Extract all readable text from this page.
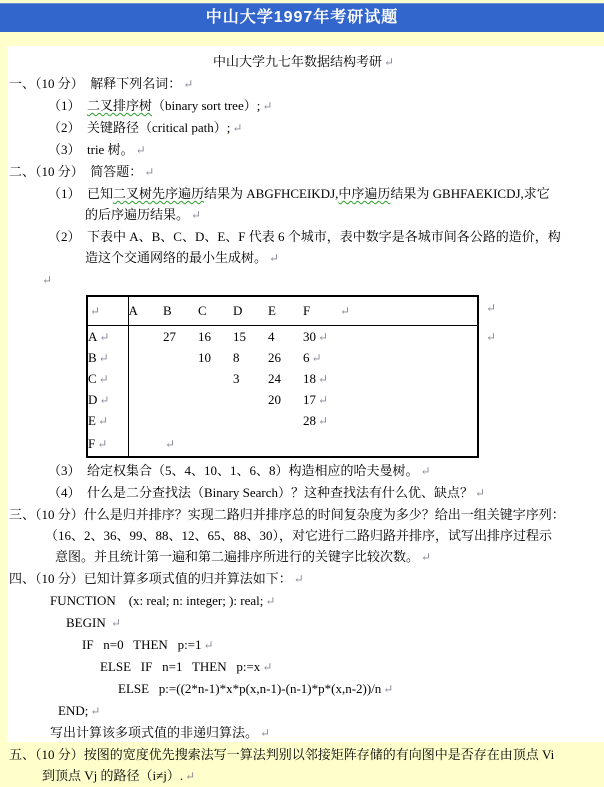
中山大学1997年考研试题

中山大学九七年数据结构考研 ↵

一、（10 分）　解释下列名词： ↵

（1）　二叉排序树（binary sort tree）; ↵

（2）　关键路径（critical path）; ↵

（3）　trie 树。 ↵

二、（10 分）　简答题： ↵

（1）　已知二叉树先序遍历结果为 ABGFHCEIKDJ,中序遍历结果为 GBHFAEKICDJ,求它

的后序遍历结果。 ↵

（2）　下表中 A、B、C、D、E、F 代表 6 个城市，表中数字是各城市间各公路的造价，构

造这个交通网络的最小生成树。 ↵

↵

↵	A	B	C	D	E	F	↵
A ↵		27	16	15	4	30 ↵	
B ↵			10	8	26	6 ↵	
C ↵				3	24	18 ↵	
D ↵					20	17 ↵	
E ↵						28 ↵	
F ↵		↵					
↵
↵

（3）　给定权集合（5、4、10、1、6、8）构造相应的哈夫曼树。 ↵

（4）　什么是二分查找法（Binary Search）？这种查找法有什么优、缺点？ ↵

三、（10 分）什么是归并排序？实现二路归并排序总的时间复杂度为多少？给出一组关键字序列：

（16、2、36、99、88、12、65、88、30），对它进行二路归路并排序，试写出排序过程示

意图。并且统计第一遍和第二遍排序所进行的关键字比较次数。 ↵

四、（10 分）已知计算多项式值的归并算法如下： ↵

FUNCTION    (x: real; n: integer; ): real; ↵

BEGIN ↵

IF   n=0   THEN   p:=1 ↵

ELSE   IF   n=1   THEN   p:=x ↵

ELSE   p:=((2*n-1)*x*p(x,n-1)-(n-1)*p*(x,n-2))/n ↵

END; ↵

写出计算该多项式值的非递归算法。 ↵

五、（10 分）按图的宽度优先搜索法写一算法判别以邻接矩阵存储的有向图中是否存在由顶点 Vi

到顶点 Vj 的路径（i≠j）. ↵
